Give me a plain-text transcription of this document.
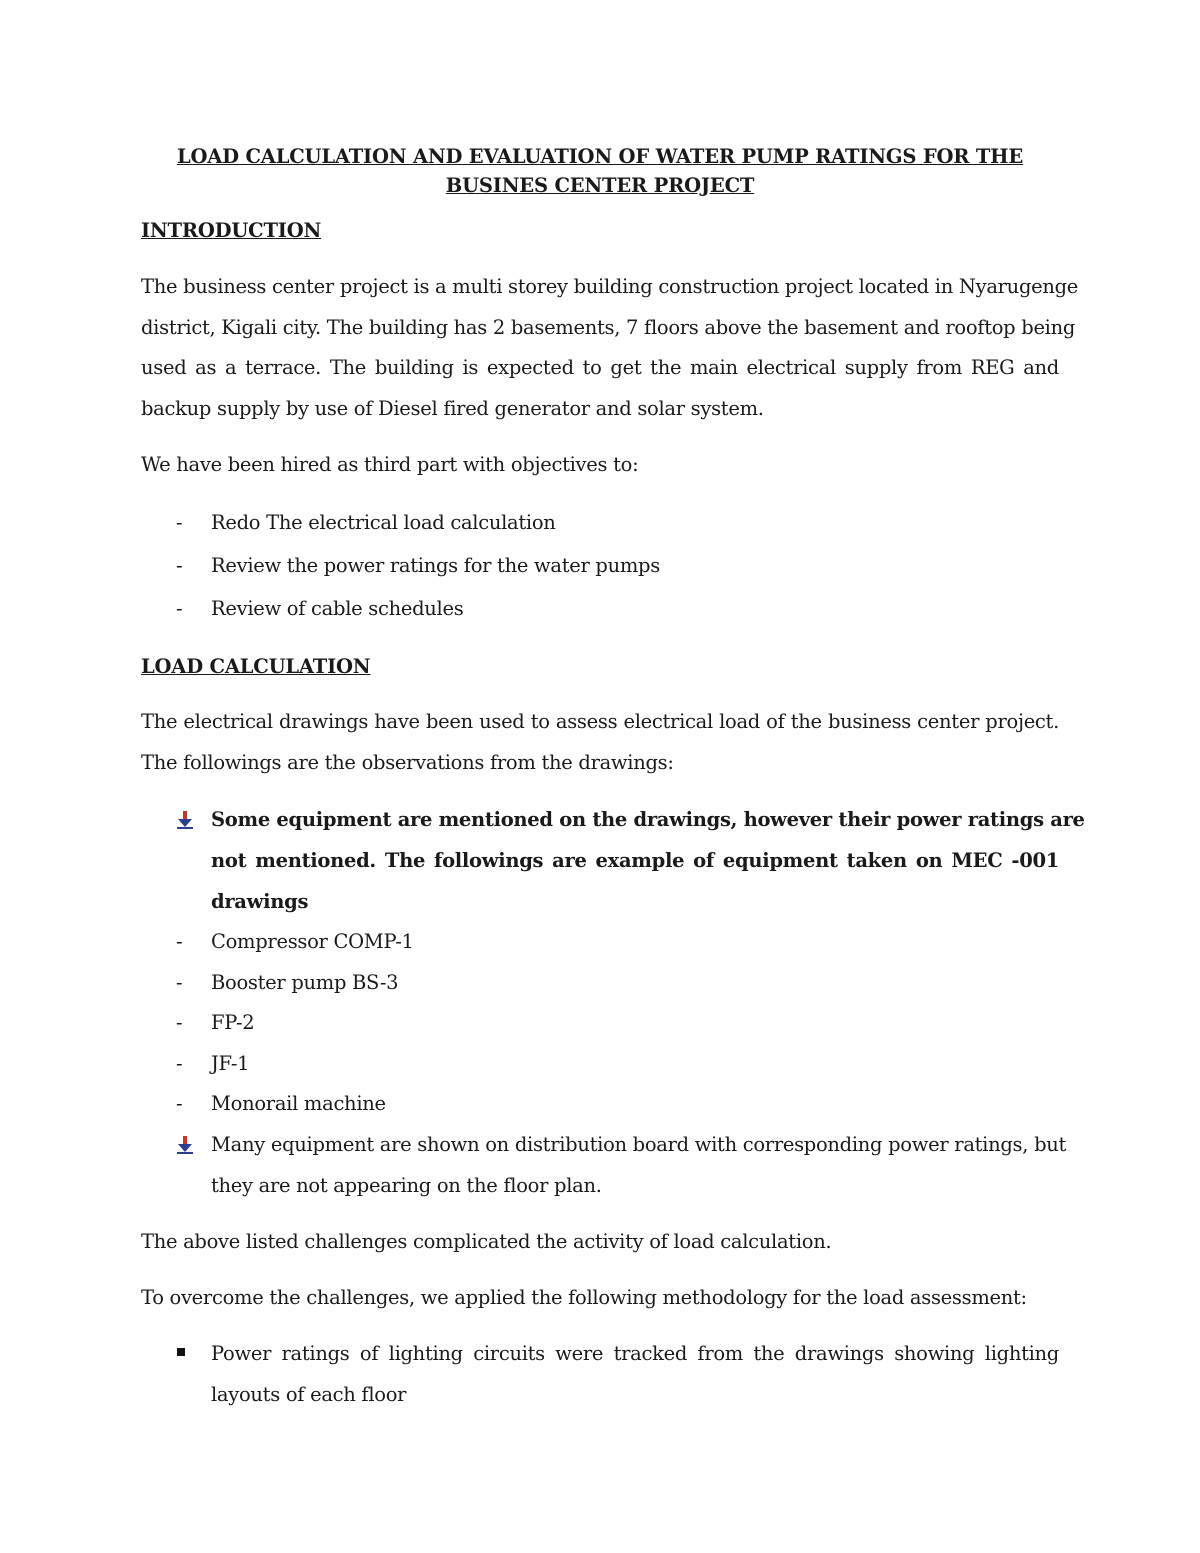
LOAD CALCULATION AND EVALUATION OF WATER PUMP RATINGS FOR THE
BUSINES CENTER PROJECT
INTRODUCTION
The business center project is a multi storey building construction project located in Nyarugenge
district, Kigali city. The building has 2 basements, 7 floors above the basement and rooftop being
used as a terrace. The building is expected to get the main electrical supply from REG and
backup supply by use of Diesel fired generator and solar system.
We have been hired as third part with objectives to:
- Redo The electrical load calculation
- Review the power ratings for the water pumps
- Review of cable schedules
LOAD CALCULATION
The electrical drawings have been used to assess electrical load of the business center project.
The followings are the observations from the drawings:
Some equipment are mentioned on the drawings, however their power ratings are
not mentioned. The followings are example of equipment taken on MEC -001
drawings
- Compressor COMP-1
- Booster pump BS-3
- FP-2
- JF-1
- Monorail machine
Many equipment are shown on distribution board with corresponding power ratings, but
they are not appearing on the floor plan.
The above listed challenges complicated the activity of load calculation.
To overcome the challenges, we applied the following methodology for the load assessment:
Power ratings of lighting circuits were tracked from the drawings showing lighting
layouts of each floor
